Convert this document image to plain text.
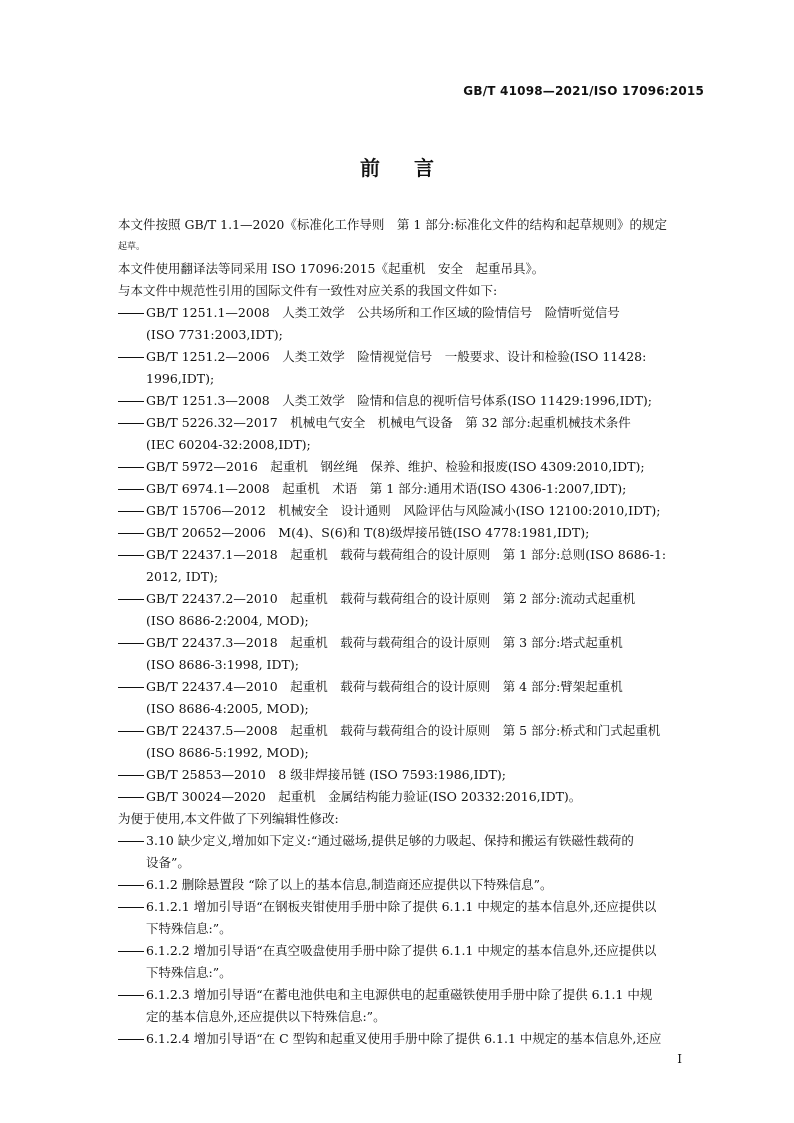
GB/T 41098—2021/ISO 17096:2015
前言

本文件按照 GB/T 1.1—2020《标准化工作导则　第 1 部分:标准化文件的结构和起草规则》的规定

起草。

本文件使用翻译法等同采用 ISO 17096:2015《起重机　安全　起重吊具》。

与本文件中规范性引用的国际文件有一致性对应关系的我国文件如下:

GB/T 1251.1—2008　人类工效学　公共场所和工作区域的险情信号　险情听觉信号
(ISO 7731:2003,IDT);
GB/T 1251.2—2006　人类工效学　险情视觉信号　一般要求、设计和检验(ISO 11428:
1996,IDT);
GB/T 1251.3—2008　人类工效学　险情和信息的视听信号体系(ISO 11429:1996,IDT);
GB/T 5226.32—2017　机械电气安全　机械电气设备　第 32 部分:起重机械技术条件
(IEC 60204-32:2008,IDT);
GB/T 5972—2016　起重机　钢丝绳　保养、维护、检验和报废(ISO 4309:2010,IDT);
GB/T 6974.1—2008　起重机　术语　第 1 部分:通用术语(ISO 4306-1:2007,IDT);
GB/T 15706—2012　机械安全　设计通则　风险评估与风险减小(ISO 12100:2010,IDT);
GB/T 20652—2006　M(4)、S(6)和 T(8)级焊接吊链(ISO 4778:1981,IDT);
GB/T 22437.1—2018　起重机　载荷与载荷组合的设计原则　第 1 部分:总则(ISO 8686-1:
2012, IDT);
GB/T 22437.2—2010　起重机　载荷与载荷组合的设计原则　第 2 部分:流动式起重机
(ISO 8686-2:2004, MOD);
GB/T 22437.3—2018　起重机　载荷与载荷组合的设计原则　第 3 部分:塔式起重机
(ISO 8686-3:1998, IDT);
GB/T 22437.4—2010　起重机　载荷与载荷组合的设计原则　第 4 部分:臂架起重机
(ISO 8686-4:2005, MOD);
GB/T 22437.5—2008　起重机　载荷与载荷组合的设计原则　第 5 部分:桥式和门式起重机
(ISO 8686-5:1992, MOD);
GB/T 25853—2010　8 级非焊接吊链 (ISO 7593:1986,IDT);
GB/T 30024—2020　起重机　金属结构能力验证(ISO 20332:2016,IDT)。

为便于使用,本文件做了下列编辑性修改:

3.10 缺少定义,增加如下定义:“通过磁场,提供足够的力吸起、保持和搬运有铁磁性载荷的
设备”。
6.1.2 删除悬置段 “除了以上的基本信息,制造商还应提供以下特殊信息”。
6.1.2.1 增加引导语“在钢板夹钳使用手册中除了提供 6.1.1 中规定的基本信息外,还应提供以
下特殊信息:”。
6.1.2.2 增加引导语“在真空吸盘使用手册中除了提供 6.1.1 中规定的基本信息外,还应提供以
下特殊信息:”。
6.1.2.3 增加引导语“在蓄电池供电和主电源供电的起重磁铁使用手册中除了提供 6.1.1 中规
定的基本信息外,还应提供以下特殊信息:”。
6.1.2.4 增加引导语“在 C 型钩和起重叉使用手册中除了提供 6.1.1 中规定的基本信息外,还应
I
